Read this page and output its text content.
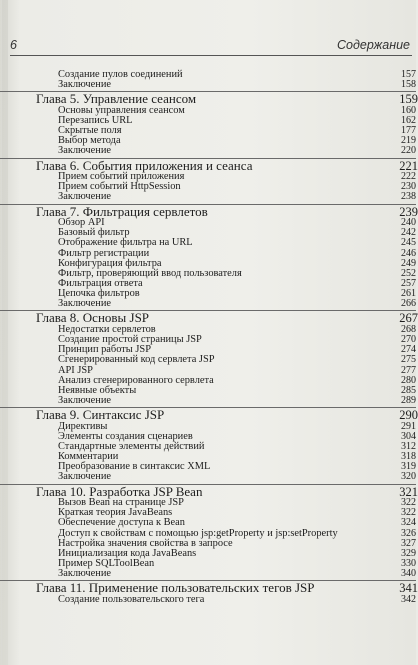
6	Содержание
Создание пулов соединений	157
Заключение	158
Глава 5. Управление сеансом	159
Основы управления сеансом	160
Перезапись URL	162
Скрытые поля	177
Выбор метода	219
Заключение	220
Глава 6. События приложения и сеанса	221
Прием событий приложения	222
Прием событий HttpSession	230
Заключение	238
Глава 7. Фильтрация сервлетов	239
Обзор API	240
Базовый фильтр	242
Отображение фильтра на URL	245
Фильтр регистрации	246
Конфигурация фильтра	249
Фильтр, проверяющий ввод пользователя	252
Фильтрация ответа	257
Цепочка фильтров	261
Заключение	266
Глава 8. Основы JSP	267
Недостатки сервлетов	268
Создание простой страницы JSP	270
Принцип работы JSP	274
Сгенерированный код сервлета JSP	275
API JSP	277
Анализ сгенерированного сервлета	280
Неявные объекты	285
Заключение	289
Глава 9. Синтаксис JSP	290
Директивы	291
Элементы создания сценариев	304
Стандартные элементы действий	312
Комментарии	318
Преобразование в синтаксис XML	319
Заключение	320
Глава 10. Разработка JSP Bean	321
Вызов Bean на странице JSP	322
Краткая теория JavaBeans	322
Обеспечение доступа к Bean	324
Доступ к свойствам с помощью jsp:getProperty и jsp:setProperty	326
Настройка значения свойства в запросе	327
Инициализация кода JavaBeans	329
Пример SQLToolBean	330
Заключение	340
Глава 11. Применение пользовательских тегов JSP	341
Создание пользовательского тега	342
